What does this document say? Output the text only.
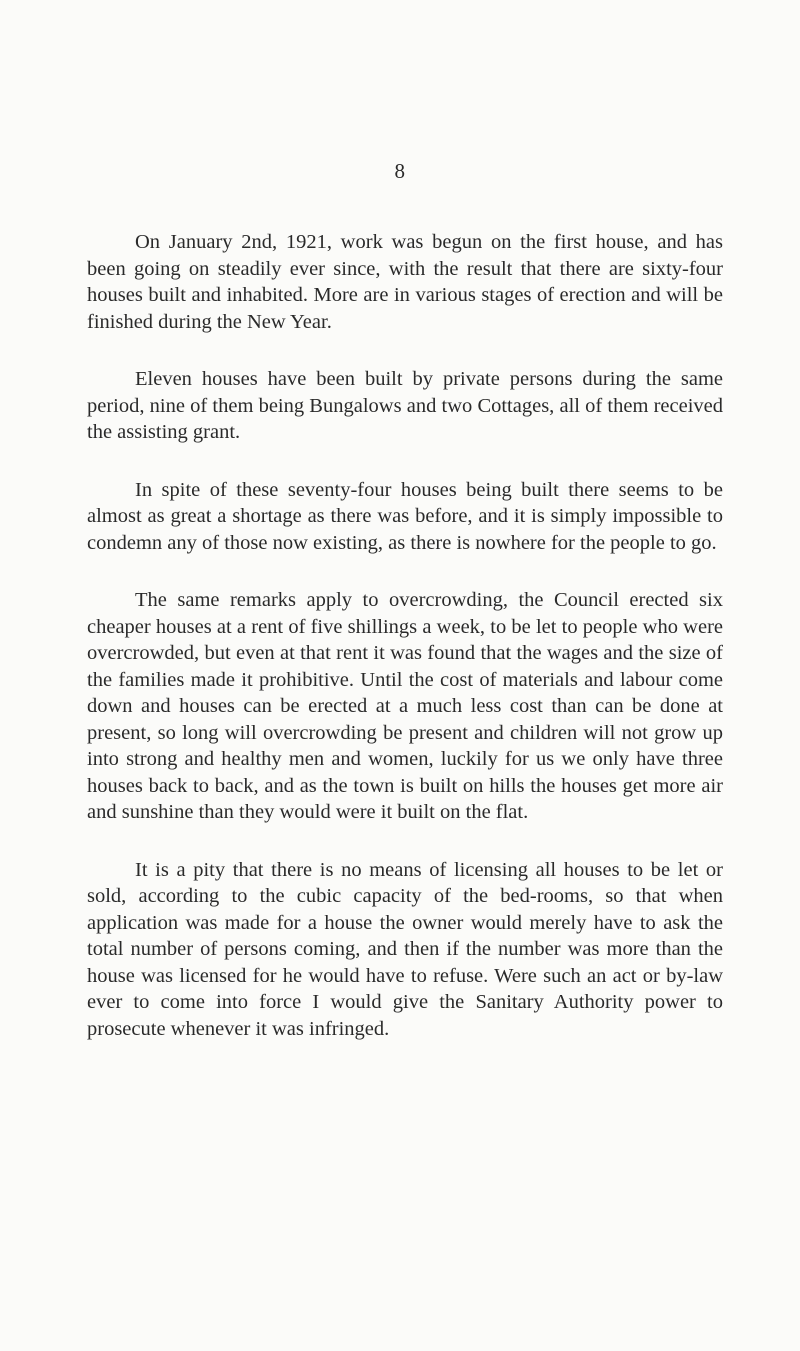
8

On January 2nd, 1921, work was begun on the first house, and has been going on steadily ever since, with the result that there are sixty-four houses built and inhabited. More are in various stages of erection and will be finished during the New Year.

Eleven houses have been built by private persons during the same period, nine of them being Bungalows and two Cottages, all of them received the assisting grant.

In spite of these seventy-four houses being built there seems to be almost as great a shortage as there was before, and it is simply impossible to condemn any of those now existing, as there is nowhere for the people to go.

The same remarks apply to overcrowding, the Council erected six cheaper houses at a rent of five shillings a week, to be let to people who were overcrowded, but even at that rent it was found that the wages and the size of the families made it prohibitive. Until the cost of materials and labour come down and houses can be erected at a much less cost than can be done at present, so long will overcrowding be present and children will not grow up into strong and healthy men and women, luckily for us we only have three houses back to back, and as the town is built on hills the houses get more air and sunshine than they would were it built on the flat.

It is a pity that there is no means of licensing all houses to be let or sold, according to the cubic capacity of the bed-rooms, so that when application was made for a house the owner would merely have to ask the total number of persons coming, and then if the number was more than the house was licensed for he would have to refuse. Were such an act or by-law ever to come into force I would give the Sanitary Authority power to prosecute whenever it was infringed.
